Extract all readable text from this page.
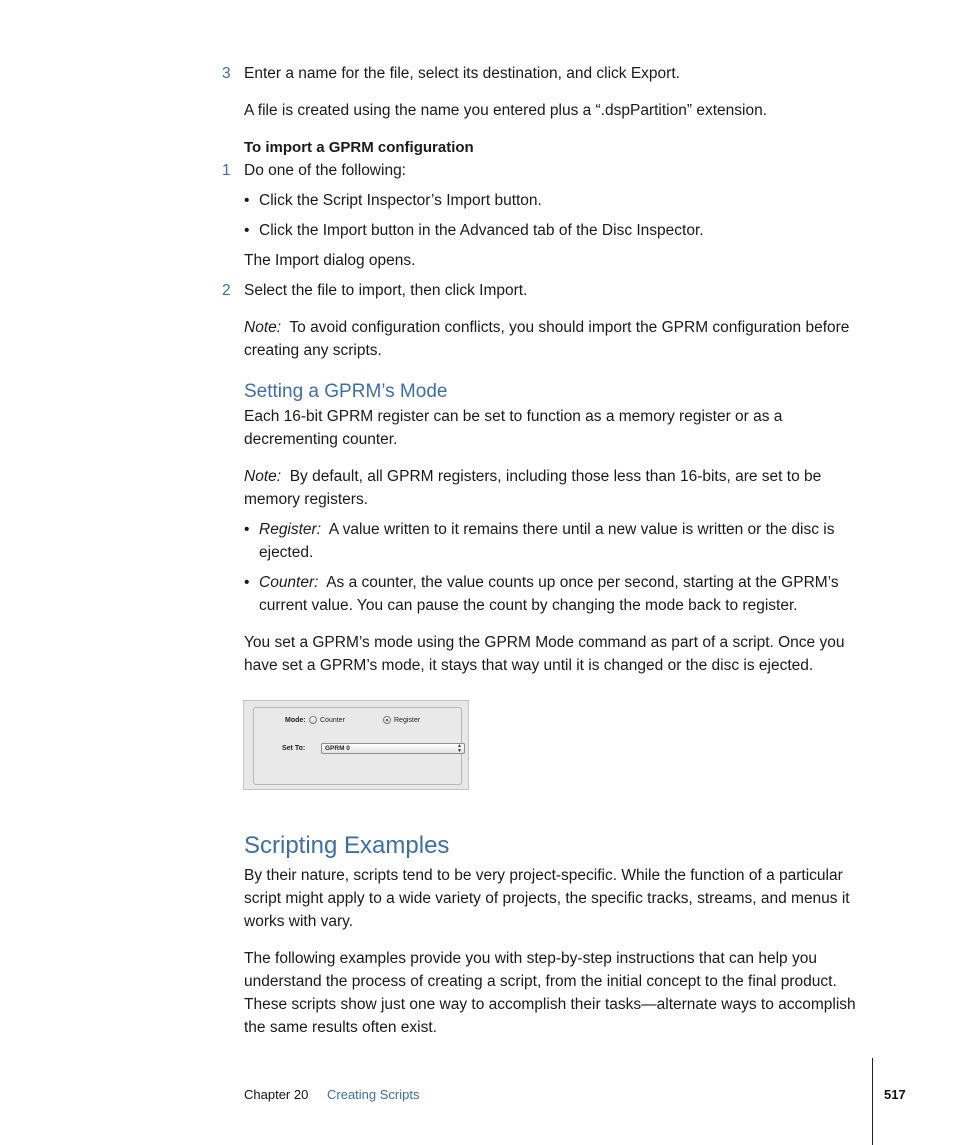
3 Enter a name for the file, select its destination, and click Export.
A file is created using the name you entered plus a “.dspPartition” extension.
To import a GPRM configuration
1 Do one of the following:
• Click the Script Inspector’s Import button.
• Click the Import button in the Advanced tab of the Disc Inspector.
The Import dialog opens.
2 Select the file to import, then click Import.
Note: To avoid configuration conflicts, you should import the GPRM configuration before creating any scripts.
Setting a GPRM’s Mode
Each 16-bit GPRM register can be set to function as a memory register or as a decrementing counter.
Note: By default, all GPRM registers, including those less than 16-bits, are set to be memory registers.
• Register: A value written to it remains there until a new value is written or the disc is ejected.
• Counter: As a counter, the value counts up once per second, starting at the GPRM’s current value. You can pause the count by changing the mode back to register.
You set a GPRM’s mode using the GPRM Mode command as part of a script. Once you have set a GPRM’s mode, it stays that way until it is changed or the disc is ejected.
Mode: Counter	Register
Set To:	GPRM 0	▲
▼
Scripting Examples
By their nature, scripts tend to be very project-specific. While the function of a particular script might apply to a wide variety of projects, the specific tracks, streams, and menus it works with vary.
The following examples provide you with step-by-step instructions that can help you understand the process of creating a script, from the initial concept to the final product. These scripts show just one way to accomplish their tasks—alternate ways to accomplish the same results often exist.
Chapter 20 Creating Scripts	517
